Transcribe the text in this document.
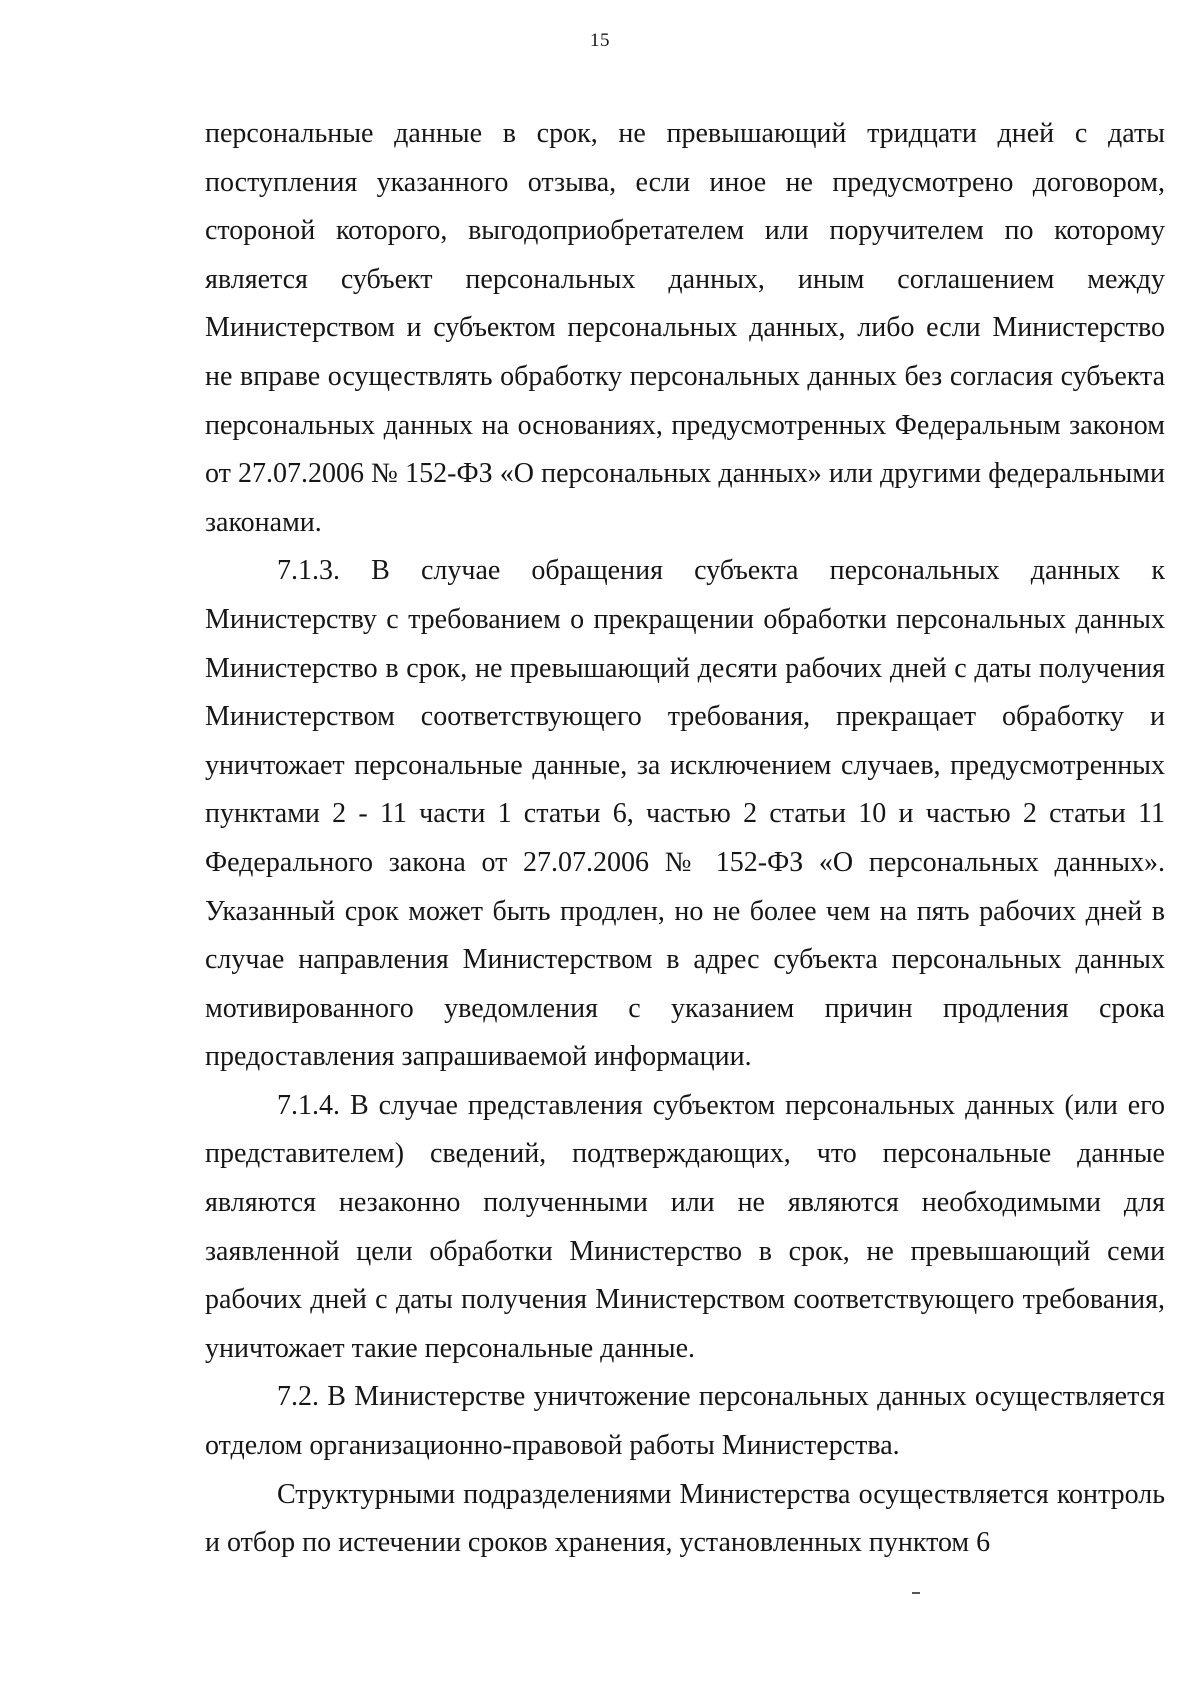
15

персональные данные в срок, не превышающий тридцати дней с даты поступления указанного отзыва, если иное не предусмотрено договором, стороной которого, выгодоприобретателем или поручителем по которому является субъект персональных данных, иным соглашением между Министерством и субъектом персональных данных, либо если Министерство не вправе осуществлять обработку персональных данных без согласия субъекта персональных данных на основаниях, предусмотренных Федеральным законом от 27.07.2006 № 152-ФЗ «О персональных данных» или другими федеральными законами.

7.1.3. В случае обращения субъекта персональных данных к Министерству с требованием о прекращении обработки персональных данных Министерство в срок, не превышающий десяти рабочих дней с даты получения Министерством соответствующего требования, прекращает обработку и уничтожает персональные данные, за исключением случаев, предусмотренных пунктами 2 - 11 части 1 статьи 6, частью 2 статьи 10 и частью 2 статьи 11 Федерального закона от 27.07.2006 № 152-ФЗ «О персональных данных». Указанный срок может быть продлен, но не более чем на пять рабочих дней в случае направления Министерством в адрес субъекта персональных данных мотивированного уведомления с указанием причин продления срока предоставления запрашиваемой информации.

7.1.4. В случае представления субъектом персональных данных (или его представителем) сведений, подтверждающих, что персональные данные являются незаконно полученными или не являются необходимыми для заявленной цели обработки Министерство в срок, не превышающий семи рабочих дней с даты получения Министерством соответствующего требования, уничтожает такие персональные данные.

7.2. В Министерстве уничтожение персональных данных осуществляется отделом организационно-правовой работы Министерства.

Структурными подразделениями Министерства осуществляется контроль и отбор по истечении сроков хранения, установленных пунктом 6
